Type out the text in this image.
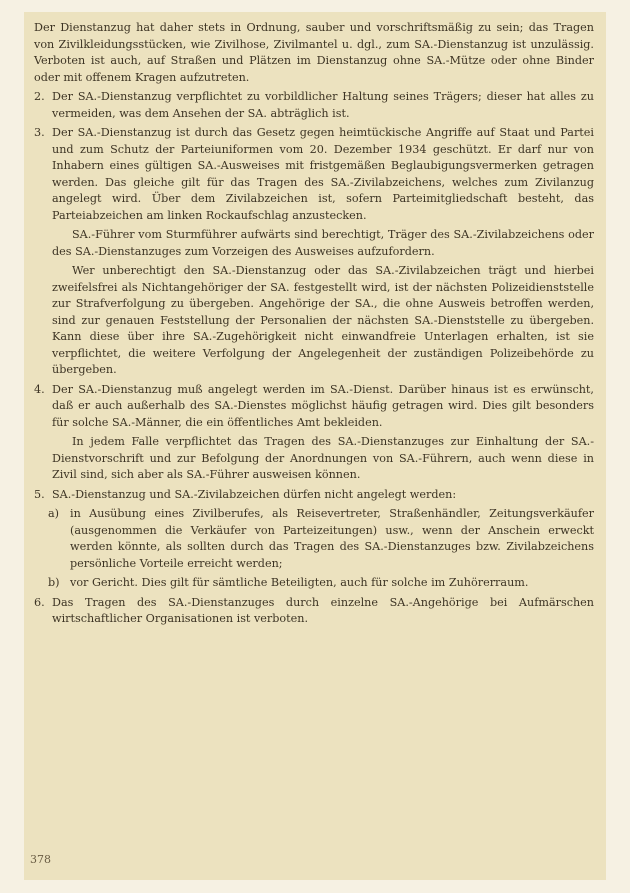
Der Dienstanzug hat daher stets in Ordnung, sauber und vorschriftsmäßig zu sein; das Tragen von Zivilkleidungsstücken, wie Zivilhose, Zivilmantel u. dgl., zum SA.-Dienstanzug ist unzulässig. Verboten ist auch, auf Straßen und Plätzen im Dienstanzug ohne SA.-Mütze oder ohne Binder oder mit offenem Kragen aufzutreten.

2. Der SA.-Dienstanzug verpflichtet zu vorbildlicher Haltung seines Trägers; dieser hat alles zu vermeiden, was dem Ansehen der SA. abträglich ist.

3. Der SA.-Dienstanzug ist durch das Gesetz gegen heimtückische Angriffe auf Staat und Partei und zum Schutz der Parteiuniformen vom 20. Dezember 1934 geschützt. Er darf nur von Inhabern eines gültigen SA.-Ausweises mit fristgemäßen Beglaubigungsvermerken getragen werden. Das gleiche gilt für das Tragen des SA.-Zivilabzeichens, welches zum Zivilanzug angelegt wird. Über dem Zivilabzeichen ist, sofern Parteimitgliedschaft besteht, das Parteiabzeichen am linken Rockaufschlag anzustecken.

SA.-Führer vom Sturmführer aufwärts sind berechtigt, Träger des SA.-Zivilabzeichens oder des SA.-Dienstanzuges zum Vorzeigen des Ausweises aufzufordern.

Wer unberechtigt den SA.-Dienstanzug oder das SA.-Zivilabzeichen trägt und hierbei zweifelsfrei als Nichtangehöriger der SA. festgestellt wird, ist der nächsten Polizeidienststelle zur Strafverfolgung zu übergeben. Angehörige der SA., die ohne Ausweis betroffen werden, sind zur genauen Feststellung der Personalien der nächsten SA.-Dienststelle zu übergeben. Kann diese über ihre SA.-Zugehörigkeit nicht einwandfreie Unterlagen erhalten, ist sie verpflichtet, die weitere Verfolgung der Angelegenheit der zuständigen Polizeibehörde zu übergeben.

4. Der SA.-Dienstanzug muß angelegt werden im SA.-Dienst. Darüber hinaus ist es erwünscht, daß er auch außerhalb des SA.-Dienstes möglichst häufig getragen wird. Dies gilt besonders für solche SA.-Männer, die ein öffentliches Amt bekleiden.

In jedem Falle verpflichtet das Tragen des SA.-Dienstanzuges zur Einhaltung der SA.-Dienstvorschrift und zur Befolgung der Anordnungen von SA.-Führern, auch wenn diese in Zivil sind, sich aber als SA.-Führer ausweisen können.

5. SA.-Dienstanzug und SA.-Zivilabzeichen dürfen nicht angelegt werden:

a) in Ausübung eines Zivilberufes, als Reisevertreter, Straßenhändler, Zeitungsverkäufer (ausgenommen die Verkäufer von Parteizeitungen) usw., wenn der Anschein erweckt werden könnte, als sollten durch das Tragen des SA.-Dienstanzuges bzw. Zivilabzeichens persönliche Vorteile erreicht werden;

b) vor Gericht. Dies gilt für sämtliche Beteiligten, auch für solche im Zuhörerraum.

6. Das Tragen des SA.-Dienstanzuges durch einzelne SA.-Angehörige bei Aufmärschen wirtschaftlicher Organisationen ist verboten.

378
